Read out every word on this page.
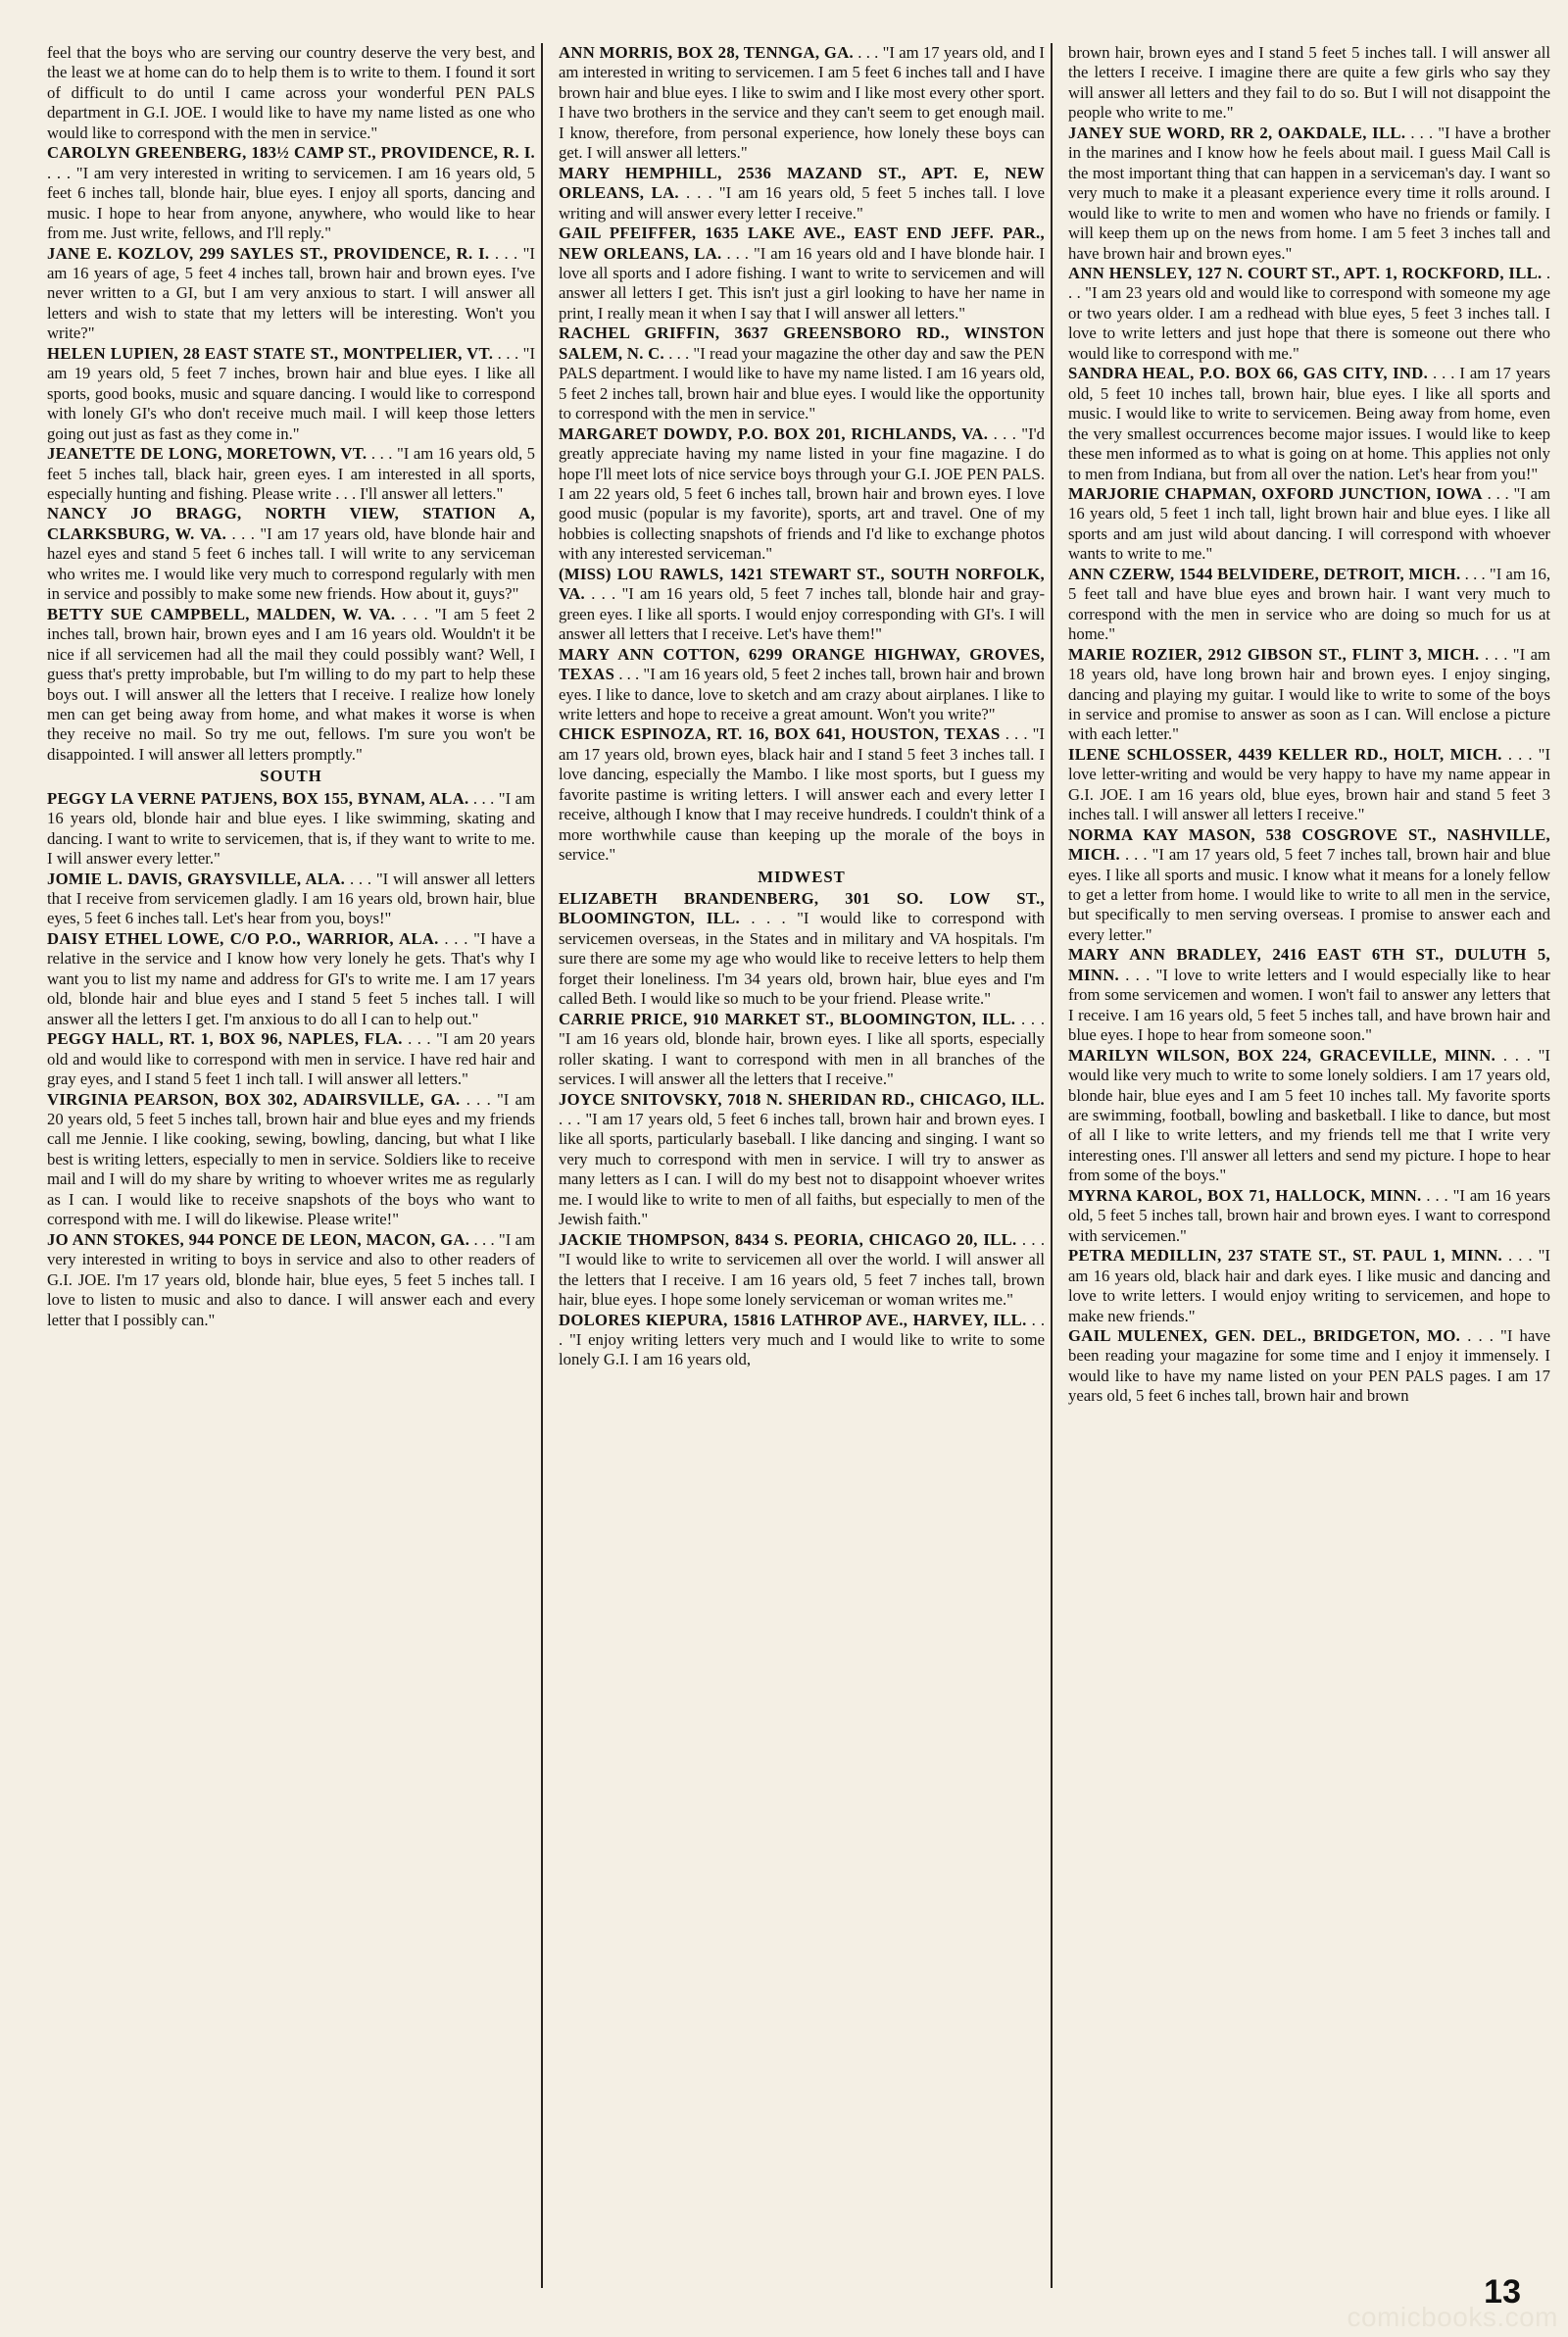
feel that the boys who are serving our country deserve the very best, and the least we at home can do to help them is to write to them. I found it sort of difficult to do until I came across your wonderful PEN PALS department in G.I. JOE. I would like to have my name listed as one who would like to correspond with the men in service."

CAROLYN GREENBERG, 183½ CAMP ST., PROVIDENCE, R. I. . . . "I am very interested in writing to servicemen. I am 16 years old, 5 feet 6 inches tall, blonde hair, blue eyes. I enjoy all sports, dancing and music. I hope to hear from anyone, anywhere, who would like to hear from me. Just write, fellows, and I'll reply."

JANE E. KOZLOV, 299 SAYLES ST., PROVIDENCE, R. I. . . . "I am 16 years of age, 5 feet 4 inches tall, brown hair and brown eyes. I've never written to a GI, but I am very anxious to start. I will answer all letters and wish to state that my letters will be interesting. Won't you write?"

HELEN LUPIEN, 28 EAST STATE ST., MONTPELIER, VT. . . . "I am 19 years old, 5 feet 7 inches, brown hair and blue eyes. I like all sports, good books, music and square dancing. I would like to correspond with lonely GI's who don't receive much mail. I will keep those letters going out just as fast as they come in."

JEANETTE DE LONG, MORETOWN, VT. . . . "I am 16 years old, 5 feet 5 inches tall, black hair, green eyes. I am interested in all sports, especially hunting and fishing. Please write . . . I'll answer all letters."

NANCY JO BRAGG, NORTH VIEW, STATION A, CLARKSBURG, W. VA. . . . "I am 17 years old, have blonde hair and hazel eyes and stand 5 feet 6 inches tall. I will write to any serviceman who writes me. I would like very much to correspond regularly with men in service and possibly to make some new friends. How about it, guys?"

BETTY SUE CAMPBELL, MALDEN, W. VA. . . . "I am 5 feet 2 inches tall, brown hair, brown eyes and I am 16 years old. Wouldn't it be nice if all servicemen had all the mail they could possibly want? Well, I guess that's pretty improbable, but I'm willing to do my part to help these boys out. I will answer all the letters that I receive. I realize how lonely men can get being away from home, and what makes it worse is when they receive no mail. So try me out, fellows. I'm sure you won't be disappointed. I will answer all letters promptly."

SOUTH

PEGGY LA VERNE PATJENS, BOX 155, BYNAM, ALA. . . . "I am 16 years old, blonde hair and blue eyes. I like swimming, skating and dancing. I want to write to servicemen, that is, if they want to write to me. I will answer every letter."

JOMIE L. DAVIS, GRAYSVILLE, ALA. . . . "I will answer all letters that I receive from servicemen gladly. I am 16 years old, brown hair, blue eyes, 5 feet 6 inches tall. Let's hear from you, boys!"

DAISY ETHEL LOWE, C/O P.O., WARRIOR, ALA. . . . "I have a relative in the service and I know how very lonely he gets. That's why I want you to list my name and address for GI's to write me. I am 17 years old, blonde hair and blue eyes and I stand 5 feet 5 inches tall. I will answer all the letters I get. I'm anxious to do all I can to help out."

PEGGY HALL, RT. 1, BOX 96, NAPLES, FLA. . . . "I am 20 years old and would like to correspond with men in service. I have red hair and gray eyes, and I stand 5 feet 1 inch tall. I will answer all letters."

VIRGINIA PEARSON, BOX 302, ADAIRSVILLE, GA. . . . "I am 20 years old, 5 feet 5 inches tall, brown hair and blue eyes and my friends call me Jennie. I like cooking, sewing, bowling, dancing, but what I like best is writing letters, especially to men in service. Soldiers like to receive mail and I will do my share by writing to whoever writes me as regularly as I can. I would like to receive snapshots of the boys who want to correspond with me. I will do likewise. Please write!"

JO ANN STOKES, 944 PONCE DE LEON, MACON, GA. . . . "I am very interested in writing to boys in service and also to other readers of G.I. JOE. I'm 17 years old, blonde hair, blue eyes, 5 feet 5 inches tall. I love to listen to music and also to dance. I will answer each and every letter that I possibly can."

ANN MORRIS, BOX 28, TENNGA, GA. . . . "I am 17 years old, and I am interested in writing to servicemen. I am 5 feet 6 inches tall and I have brown hair and blue eyes. I like to swim and I like most every other sport. I have two brothers in the service and they can't seem to get enough mail. I know, therefore, from personal experience, how lonely these boys can get. I will answer all letters."

MARY HEMPHILL, 2536 MAZAND ST., APT. E, NEW ORLEANS, LA. . . . "I am 16 years old, 5 feet 5 inches tall. I love writing and will answer every letter I receive."

GAIL PFEIFFER, 1635 LAKE AVE., EAST END JEFF. PAR., NEW ORLEANS, LA. . . . "I am 16 years old and I have blonde hair. I love all sports and I adore fishing. I want to write to servicemen and will answer all letters I get. This isn't just a girl looking to have her name in print, I really mean it when I say that I will answer all letters."

RACHEL GRIFFIN, 3637 GREENSBORO RD., WINSTON SALEM, N. C. . . . "I read your magazine the other day and saw the PEN PALS department. I would like to have my name listed. I am 16 years old, 5 feet 2 inches tall, brown hair and blue eyes. I would like the opportunity to correspond with the men in service."

MARGARET DOWDY, P.O. BOX 201, RICHLANDS, VA. . . . "I'd greatly appreciate having my name listed in your fine magazine. I do hope I'll meet lots of nice service boys through your G.I. JOE PEN PALS. I am 22 years old, 5 feet 6 inches tall, brown hair and brown eyes. I love good music (popular is my favorite), sports, art and travel. One of my hobbies is collecting snapshots of friends and I'd like to exchange photos with any interested serviceman."

(MISS) LOU RAWLS, 1421 STEWART ST., SOUTH NORFOLK, VA. . . . "I am 16 years old, 5 feet 7 inches tall, blonde hair and gray-green eyes. I like all sports. I would enjoy corresponding with GI's. I will answer all letters that I receive. Let's have them!"

MARY ANN COTTON, 6299 ORANGE HIGHWAY, GROVES, TEXAS . . . "I am 16 years old, 5 feet 2 inches tall, brown hair and brown eyes. I like to dance, love to sketch and am crazy about airplanes. I like to write letters and hope to receive a great amount. Won't you write?"

CHICK ESPINOZA, RT. 16, BOX 641, HOUSTON, TEXAS . . . "I am 17 years old, brown eyes, black hair and I stand 5 feet 3 inches tall. I love dancing, especially the Mambo. I like most sports, but I guess my favorite pastime is writing letters. I will answer each and every letter I receive, although I know that I may receive hundreds. I couldn't think of a more worthwhile cause than keeping up the morale of the boys in service."

MIDWEST

ELIZABETH BRANDENBERG, 301 SO. LOW ST., BLOOMINGTON, ILL. . . . "I would like to correspond with servicemen overseas, in the States and in military and VA hospitals. I'm sure there are some my age who would like to receive letters to help them forget their loneliness. I'm 34 years old, brown hair, blue eyes and I'm called Beth. I would like so much to be your friend. Please write."

CARRIE PRICE, 910 MARKET ST., BLOOMINGTON, ILL. . . . "I am 16 years old, blonde hair, brown eyes. I like all sports, especially roller skating. I want to correspond with men in all branches of the services. I will answer all the letters that I receive."

JOYCE SNITOVSKY, 7018 N. SHERIDAN RD., CHICAGO, ILL. . . . "I am 17 years old, 5 feet 6 inches tall, brown hair and brown eyes. I like all sports, particularly baseball. I like dancing and singing. I want so very much to correspond with men in service. I will try to answer as many letters as I can. I will do my best not to disappoint whoever writes me. I would like to write to men of all faiths, but especially to men of the Jewish faith."

JACKIE THOMPSON, 8434 S. PEORIA, CHICAGO 20, ILL. . . . "I would like to write to servicemen all over the world. I will answer all the letters that I receive. I am 16 years old, 5 feet 7 inches tall, brown hair, blue eyes. I hope some lonely serviceman or woman writes me."

DOLORES KIEPURA, 15816 LATHROP AVE., HARVEY, ILL. . . . "I enjoy writing letters very much and I would like to write to some lonely G.I. I am 16 years old,

brown hair, brown eyes and I stand 5 feet 5 inches tall. I will answer all the letters I receive. I imagine there are quite a few girls who say they will answer all letters and they fail to do so. But I will not disappoint the people who write to me."

JANEY SUE WORD, RR 2, OAKDALE, ILL. . . . "I have a brother in the marines and I know how he feels about mail. I guess Mail Call is the most important thing that can happen in a serviceman's day. I want so very much to make it a pleasant experience every time it rolls around. I would like to write to men and women who have no friends or family. I will keep them up on the news from home. I am 5 feet 3 inches tall and have brown hair and brown eyes."

ANN HENSLEY, 127 N. COURT ST., APT. 1, ROCKFORD, ILL. . . . "I am 23 years old and would like to correspond with someone my age or two years older. I am a redhead with blue eyes, 5 feet 3 inches tall. I love to write letters and just hope that there is someone out there who would like to correspond with me."

SANDRA HEAL, P.O. BOX 66, GAS CITY, IND. . . . I am 17 years old, 5 feet 10 inches tall, brown hair, blue eyes. I like all sports and music. I would like to write to servicemen. Being away from home, even the very smallest occurrences become major issues. I would like to keep these men informed as to what is going on at home. This applies not only to men from Indiana, but from all over the nation. Let's hear from you!"

MARJORIE CHAPMAN, OXFORD JUNCTION, IOWA . . . "I am 16 years old, 5 feet 1 inch tall, light brown hair and blue eyes. I like all sports and am just wild about dancing. I will correspond with whoever wants to write to me."

ANN CZERW, 1544 BELVIDERE, DETROIT, MICH. . . . "I am 16, 5 feet tall and have blue eyes and brown hair. I want very much to correspond with the men in service who are doing so much for us at home."

MARIE ROZIER, 2912 GIBSON ST., FLINT 3, MICH. . . . "I am 18 years old, have long brown hair and brown eyes. I enjoy singing, dancing and playing my guitar. I would like to write to some of the boys in service and promise to answer as soon as I can. Will enclose a picture with each letter."

ILENE SCHLOSSER, 4439 KELLER RD., HOLT, MICH. . . . "I love letter-writing and would be very happy to have my name appear in G.I. JOE. I am 16 years old, blue eyes, brown hair and stand 5 feet 3 inches tall. I will answer all letters I receive."

NORMA KAY MASON, 538 COSGROVE ST., NASHVILLE, MICH. . . . "I am 17 years old, 5 feet 7 inches tall, brown hair and blue eyes. I like all sports and music. I know what it means for a lonely fellow to get a letter from home. I would like to write to all men in the service, but specifically to men serving overseas. I promise to answer each and every letter."

MARY ANN BRADLEY, 2416 EAST 6TH ST., DULUTH 5, MINN. . . . "I love to write letters and I would especially like to hear from some servicemen and women. I won't fail to answer any letters that I receive. I am 16 years old, 5 feet 5 inches tall, and have brown hair and blue eyes. I hope to hear from someone soon."

MARILYN WILSON, BOX 224, GRACEVILLE, MINN. . . . "I would like very much to write to some lonely soldiers. I am 17 years old, blonde hair, blue eyes and I am 5 feet 10 inches tall. My favorite sports are swimming, football, bowling and basketball. I like to dance, but most of all I like to write letters, and my friends tell me that I write very interesting ones. I'll answer all letters and send my picture. I hope to hear from some of the boys."

MYRNA KAROL, BOX 71, HALLOCK, MINN. . . . "I am 16 years old, 5 feet 5 inches tall, brown hair and brown eyes. I want to correspond with servicemen."

PETRA MEDILLIN, 237 STATE ST., ST. PAUL 1, MINN. . . . "I am 16 years old, black hair and dark eyes. I like music and dancing and love to write letters. I would enjoy writing to servicemen, and hope to make new friends."

GAIL MULENEX, GEN. DEL., BRIDGETON, MO. . . . "I have been reading your magazine for some time and I enjoy it immensely. I would like to have my name listed on your PEN PALS pages. I am 17 years old, 5 feet 6 inches tall, brown hair and brown

13
comicbooks.com
